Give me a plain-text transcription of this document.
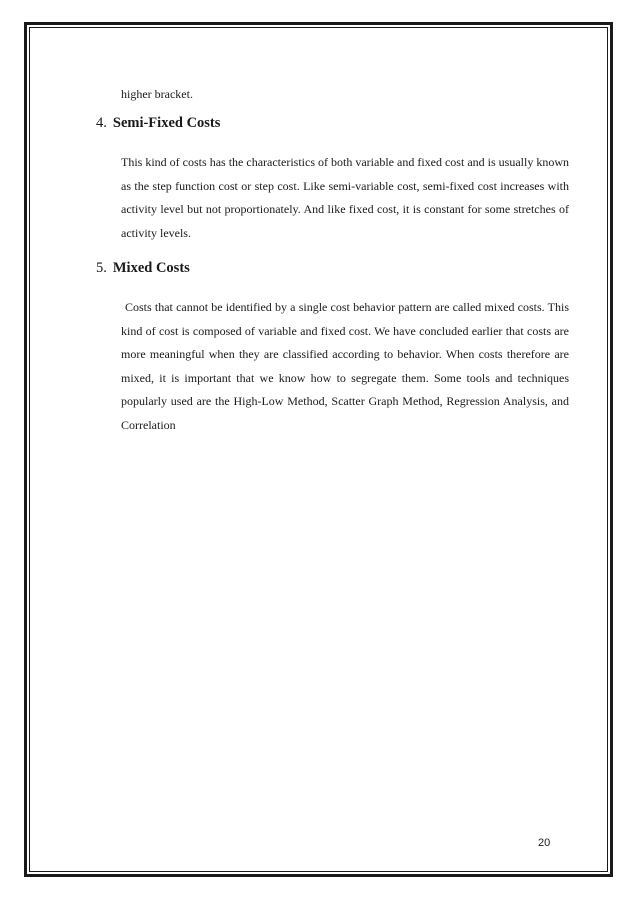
higher bracket.
4. Semi-Fixed Costs
This kind of costs has the characteristics of both variable and fixed cost and is usually known as the step function cost or step cost. Like semi-variable cost, semi-fixed cost increases with activity level but not proportionately. And like fixed cost, it is constant for some stretches of activity levels.
5. Mixed Costs
Costs that cannot be identified by a single cost behavior pattern are called mixed costs. This kind of cost is composed of variable and fixed cost. We have concluded earlier that costs are more meaningful when they are classified according to behavior. When costs therefore are mixed, it is important that we know how to segregate them. Some tools and techniques popularly used are the High-Low Method, Scatter Graph Method, Regression Analysis, and Correlation
20
